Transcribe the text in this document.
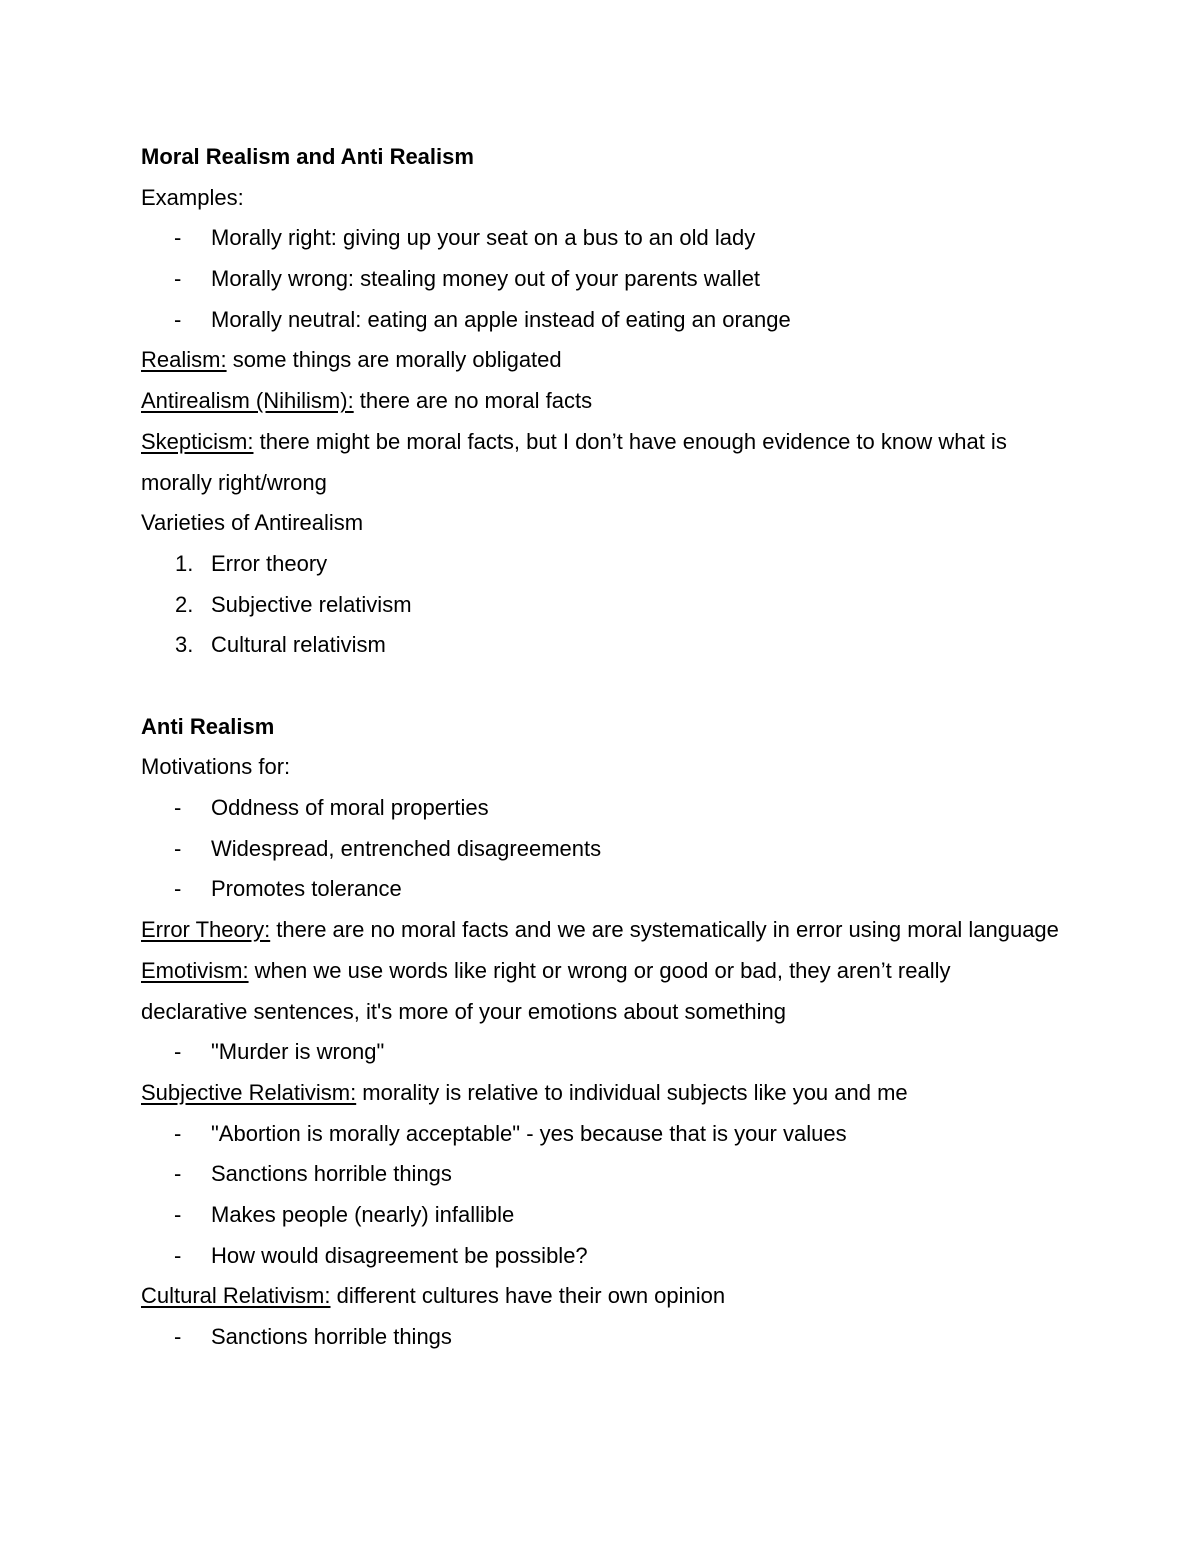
Moral Realism and Anti Realism
Examples:
- Morally right: giving up your seat on a bus to an old lady
- Morally wrong: stealing money out of your parents wallet
- Morally neutral: eating an apple instead of eating an orange
Realism: some things are morally obligated
Antirealism (Nihilism): there are no moral facts
Skepticism: there might be moral facts, but I don’t have enough evidence to know what is morally right/wrong
Varieties of Antirealism
1. Error theory
2. Subjective relativism
3. Cultural relativism
Anti Realism
Motivations for:
- Oddness of moral properties
- Widespread, entrenched disagreements
- Promotes tolerance
Error Theory: there are no moral facts and we are systematically in error using moral language
Emotivism: when we use words like right or wrong or good or bad, they aren’t really declarative sentences, it's more of your emotions about something
- "Murder is wrong"
Subjective Relativism: morality is relative to individual subjects like you and me
- "Abortion is morally acceptable" - yes because that is your values
- Sanctions horrible things
- Makes people (nearly) infallible
- How would disagreement be possible?
Cultural Relativism: different cultures have their own opinion
- Sanctions horrible things
